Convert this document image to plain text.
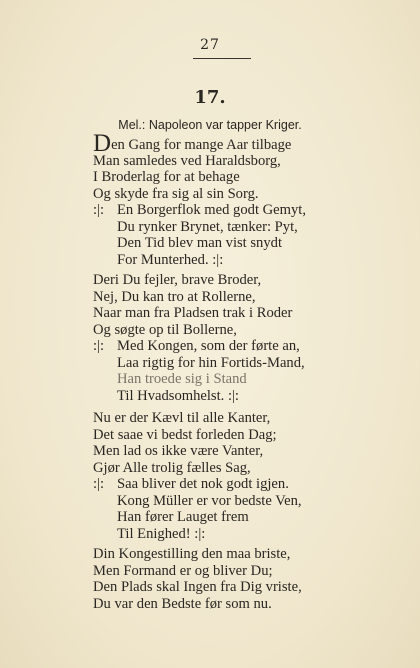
27
17.
Mel.: Napoleon var tapper Kriger.
Den Gang for mange Aar tilbage
Man samledes ved Haraldsborg,
I Broderlag for at behage
Og skyde fra sig al sin Sorg.
:|: En Borgerflok med godt Gemyt,
Du rynker Brynet, tænker: Pyt,
Den Tid blev man vist snydt
For Munterhed. :|:
Deri Du fejler, brave Broder,
Nej, Du kan tro at Rollerne,
Naar man fra Pladsen trak i Roder
Og søgte op til Bollerne,
:|: Med Kongen, som der førte an,
Laa rigtig for hin Fortids-Mand,
Han troede sig i Stand
Til Hvadsomhelst. :|:
Nu er der Kævl til alle Kanter,
Det saae vi bedst forleden Dag;
Men lad os ikke være Vanter,
Gjør Alle trolig fælles Sag,
:|: Saa bliver det nok godt igjen.
Kong Müller er vor bedste Ven,
Han fører Lauget frem
Til Enighed! :|:
Din Kongestilling den maa briste,
Men Formand er og bliver Du;
Den Plads skal Ingen fra Dig vriste,
Du var den Bedste før som nu.
